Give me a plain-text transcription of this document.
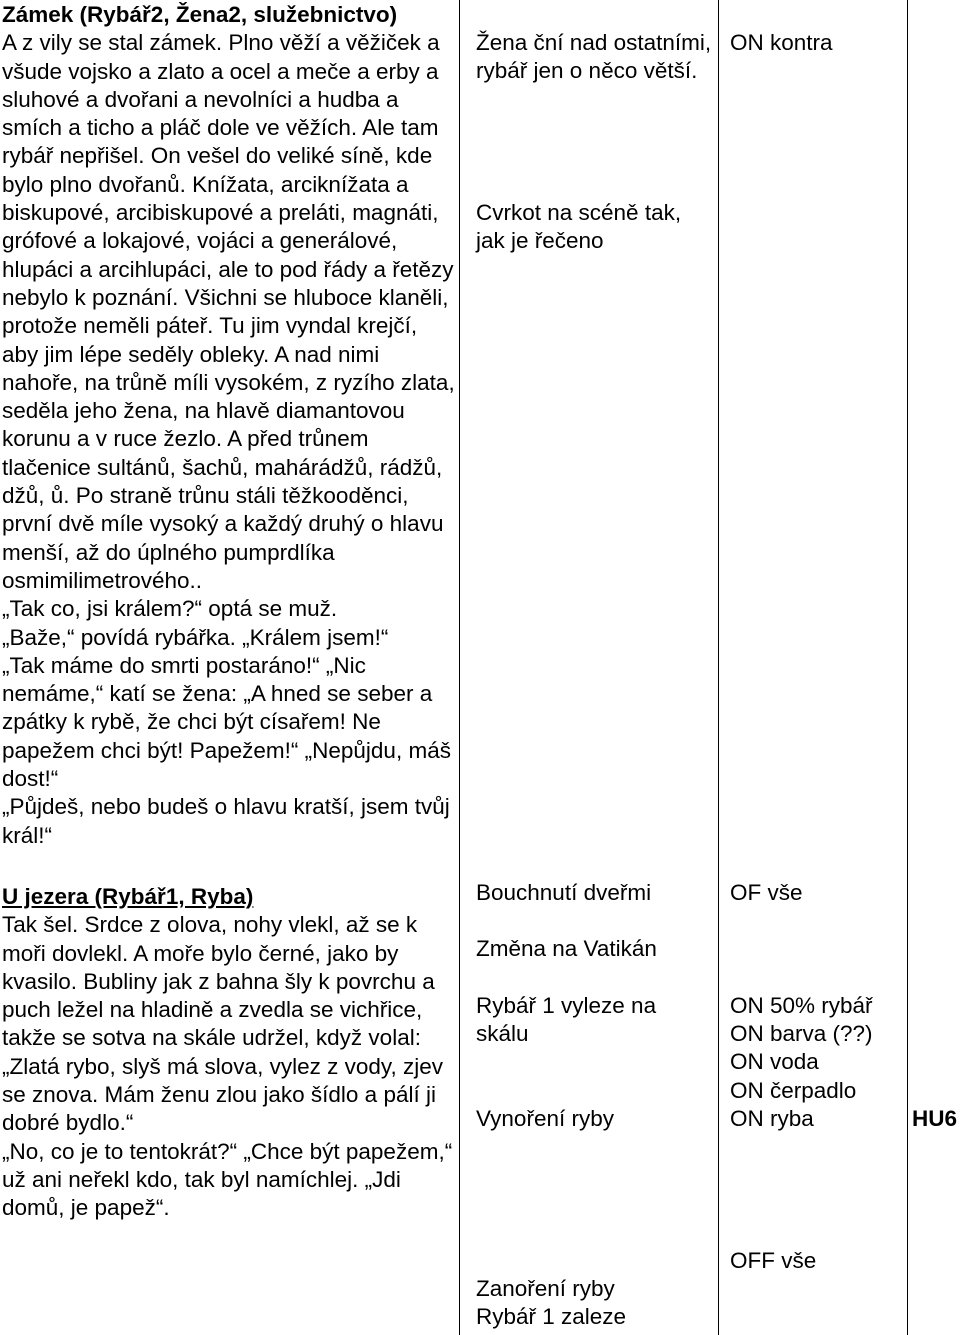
Zámek (Rybář2, Žena2, služebnictvo)

A z vily se stal zámek. Plno věží a věžiček a všude vojsko a zlato a ocel a meče a erby a sluhové a dvořani a nevolníci a hudba a smích a ticho a pláč dole ve věžích. Ale tam rybář nepřišel. On vešel do veliké síně, kde bylo plno dvořanů. Knížata, arciknížata a biskupové, arcibiskupové a preláti, magnáti, grófové a lokajové, vojáci a generálové, hlupáci a arcihlupáci, ale to pod řády a řetězy nebylo k poznání. Všichni se hluboce klaněli, protože neměli páteř. Tu jim vyndal krejčí, aby jim lépe seděly obleky. A nad nimi nahoře, na trůně míli vysokém, z ryzího zlata, seděla jeho žena, na hlavě diamantovou korunu a v ruce žezlo. A před trůnem tlačenice sultánů, šachů, mahárádžů, rádžů, džů, ů. Po straně trůnu stáli těžkooděnci, první dvě míle vysoký a každý druhý o hlavu menší, až do úplného pumprdlíka osmimilimetrového..

„Tak co, jsi králem?“ optá se muž.

„Baže,“ povídá rybářka. „Králem jsem!“

„Tak máme do smrti postaráno!“ „Nic nemáme,“ katí se žena: „A hned se seber a zpátky k rybě, že chci být císařem! Ne papežem chci být! Papežem!“ „Nepůjdu, máš dost!“

„Půjdeš, nebo budeš o hlavu kratší, jsem tvůj král!“

U jezera (Rybář1, Ryba)

Tak šel. Srdce z olova, nohy vlekl, až se k moři dovlekl. A moře bylo černé, jako by kvasilo. Bubliny jak z bahna šly k povrchu a puch ležel na hladině a zvedla se vichřice, takže se sotva na skále udržel, když volal: „Zlatá rybo, slyš má slova, vylez z vody, zjev se znova. Mám ženu zlou jako šídlo a pálí ji dobré bydlo.“

„No, co je to tentokrát?“ „Chce být papežem,“ už ani neřekl kdo, tak byl namíchlej. „Jdi domů, je papež“.

Žena ční nad ostatními, rybář jen o něco větší.

Cvrkot na scéně tak, jak je řečeno

Bouchnutí dveřmi

Změna na Vatikán

Rybář 1 vyleze na skálu

Vynoření ryby

Zanoření ryby

Rybář 1 zaleze

ON kontra

OF vše

ON 50% rybář

ON barva (??)

ON voda

ON čerpadlo

ON ryba

OFF vše

HU6
